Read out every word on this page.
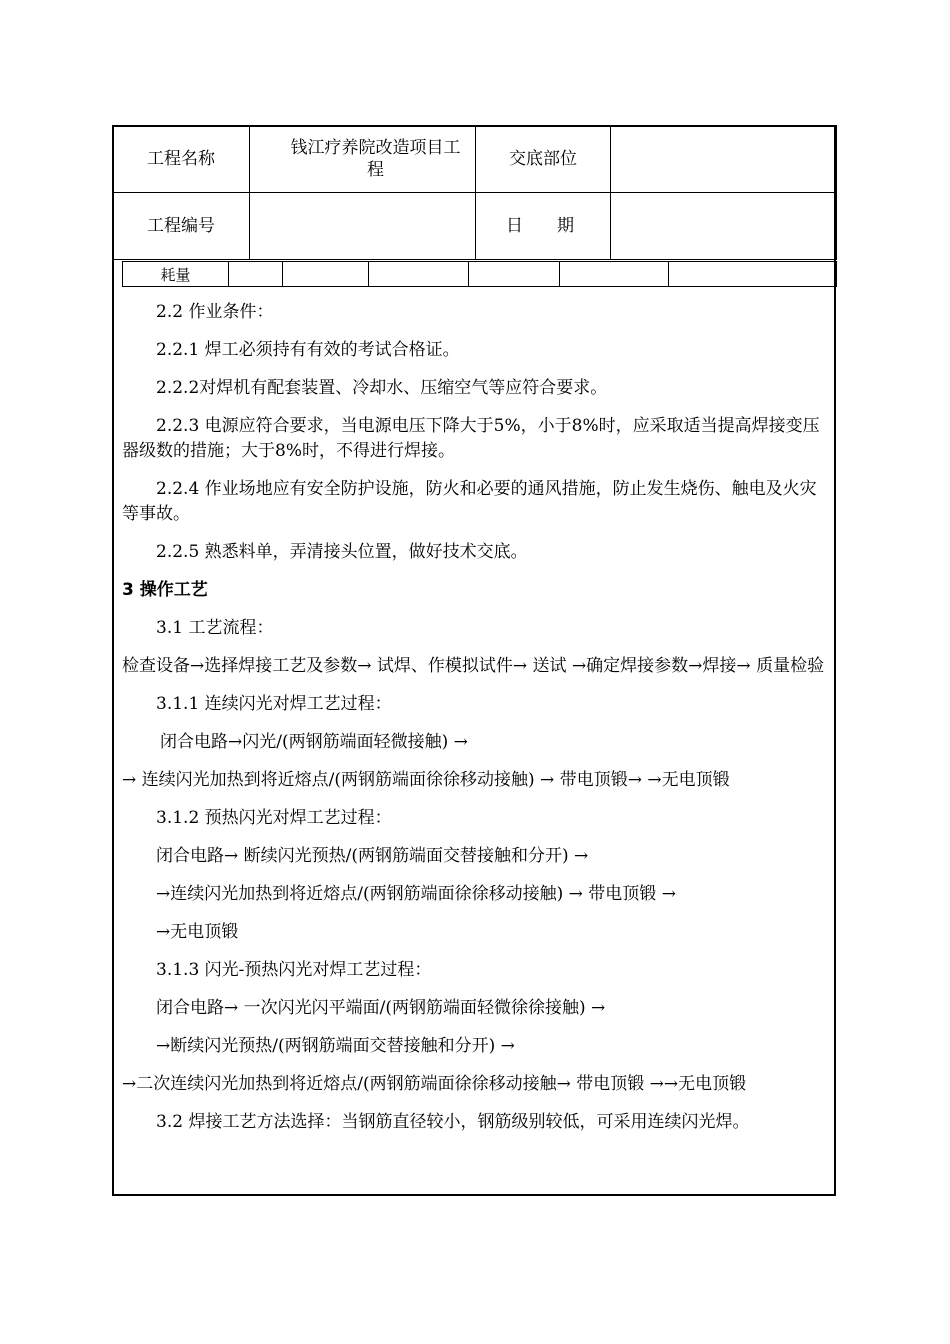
工程名称	钱江疗养院改造项目工程	交底部位	
工程编号		日　　期	
耗量						

2.2 作业条件：

2.2.1 焊工必须持有有效的考试合格证。

2.2.2对焊机有配套装置、冷却水、压缩空气等应符合要求。

2.2.3 电源应符合要求，当电源电压下降大于5%，小于8%时，应采取适当提高焊接变压器级数的措施；大于8%时，不得进行焊接。

2.2.4 作业场地应有安全防护设施，防火和必要的通风措施，防止发生烧伤、触电及火灾等事故。

2.2.5 熟悉料单，弄清接头位置，做好技术交底。

3 操作工艺

3.1 工艺流程：

检查设备→选择焊接工艺及参数→ 试焊、作模拟试件→ 送试 →确定焊接参数→焊接→ 质量检验

3.1.1 连续闪光对焊工艺过程：

闭合电路→闪光/(两钢筋端面轻微接触) →

→ 连续闪光加热到将近熔点/(两钢筋端面徐徐移动接触) → 带电顶锻→ →无电顶锻

3.1.2 预热闪光对焊工艺过程：

闭合电路→ 断续闪光预热/(两钢筋端面交替接触和分开) →

→连续闪光加热到将近熔点/(两钢筋端面徐徐移动接触) → 带电顶锻 →

→无电顶锻

3.1.3 闪光-预热闪光对焊工艺过程：

闭合电路→ 一次闪光闪平端面/(两钢筋端面轻微徐徐接触) →

→断续闪光预热/(两钢筋端面交替接触和分开) →

→二次连续闪光加热到将近熔点/(两钢筋端面徐徐移动接触→ 带电顶锻 →→无电顶锻

3.2 焊接工艺方法选择：当钢筋直径较小，钢筋级别较低，可采用连续闪光焊。
